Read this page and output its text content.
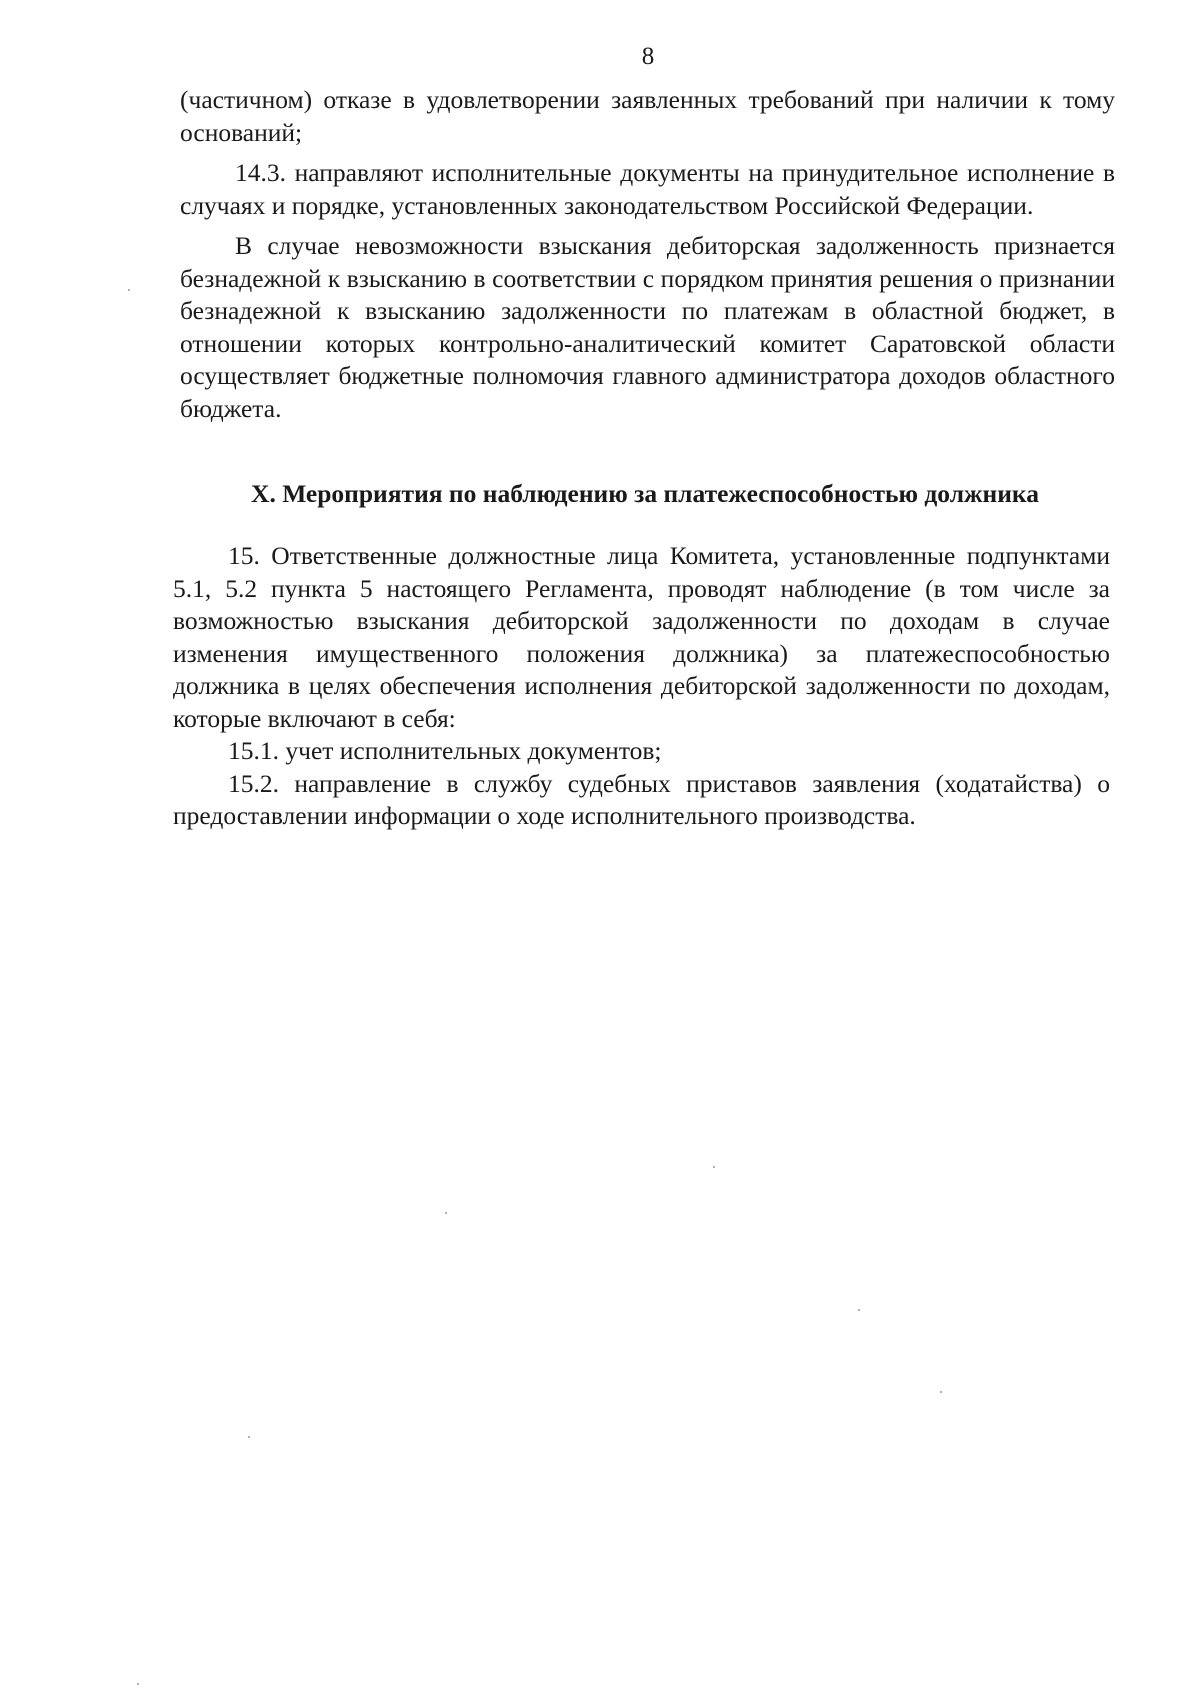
8

(частичном) отказе в удовлетворении заявленных требований при наличии к тому оснований;

14.3. направляют исполнительные документы на принудительное исполнение в случаях и порядке, установленных законодательством Российской Федерации.

В случае невозможности взыскания дебиторская задолженность признается безнадежной к взысканию в соответствии с порядком принятия решения о признании безнадежной к взысканию задолженности по платежам в областной бюджет, в отношении которых контрольно-аналитический комитет Саратовской области осуществляет бюджетные полномочия главного администратора доходов областного бюджета.

X. Мероприятия по наблюдению за платежеспособностью должника

15. Ответственные должностные лица Комитета, установленные подпунктами 5.1, 5.2 пункта 5 настоящего Регламента, проводят наблюдение (в том числе за возможностью взыскания дебиторской задолженности по доходам в случае изменения имущественного положения должника) за платежеспособностью должника в целях обеспечения исполнения дебиторской задолженности по доходам, которые включают в себя:

15.1. учет исполнительных документов;

15.2. направление в службу судебных приставов заявления (ходатайства) о предоставлении информации о ходе исполнительного производства.
